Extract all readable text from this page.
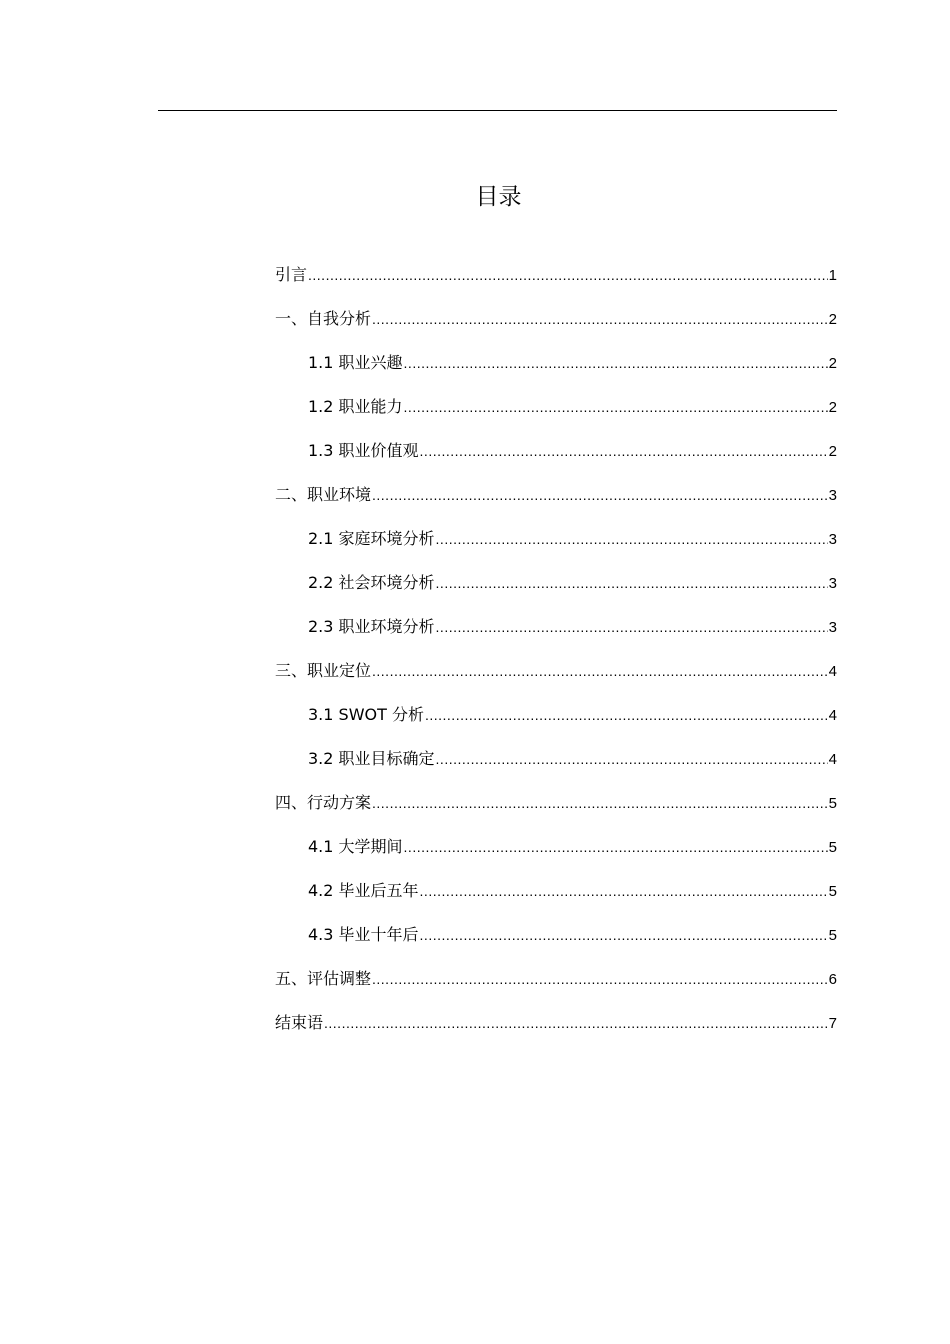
目录
引言 .....	1
一、自我分析 .....	2
1.1 职业兴趣 .....	2
1.2 职业能力 .....	2
1.3 职业价值观 .....	2
二、职业环境 .....	3
2.1 家庭环境分析 .....	3
2.2 社会环境分析 .....	3
2.3 职业环境分析 .....	3
三、职业定位 .....	4
3.1 SWOT 分析 .....	4
3.2 职业目标确定 .....	4
四、行动方案 .....	5
4.1 大学期间 .....	5
4.2 毕业后五年 .....	5
4.3 毕业十年后 .....	5
五、评估调整 .....	6
结束语 .....	7
